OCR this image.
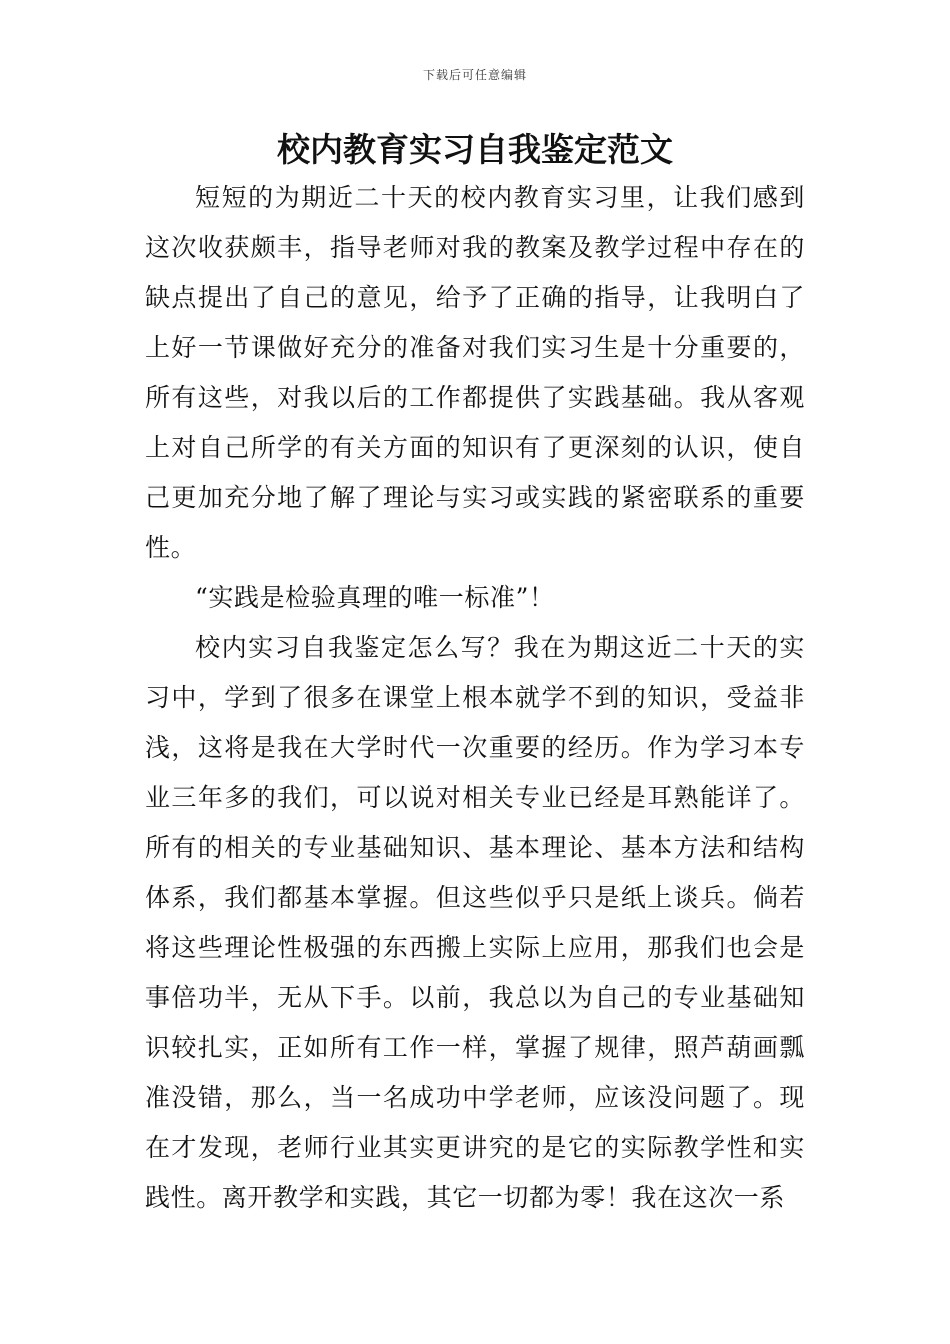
下载后可任意编辑
校内教育实习自我鉴定范文

短短的为期近二十天的校内教育实习里，让我们感到这次收获颇丰，指导老师对我的教案及教学过程中存在的缺点提出了自己的意见，给予了正确的指导，让我明白了上好一节课做好充分的准备对我们实习生是十分重要的，所有这些，对我以后的工作都提供了实践基础。我从客观上对自己所学的有关方面的知识有了更深刻的认识，使自己更加充分地了解了理论与实习或实践的紧密联系的重要性。

“实践是检验真理的唯一标准”！

校内实习自我鉴定怎么写？我在为期这近二十天的实习中，学到了很多在课堂上根本就学不到的知识，受益非浅，这将是我在大学时代一次重要的经历。作为学习本专业三年多的我们，可以说对相关专业已经是耳熟能详了。所有的相关的专业基础知识、基本理论、基本方法和结构体系，我们都基本掌握。但这些似乎只是纸上谈兵。倘若将这些理论性极强的东西搬上实际上应用，那我们也会是事倍功半，无从下手。以前，我总以为自己的专业基础知识较扎实，正如所有工作一样，掌握了规律，照芦葫画瓢准没错，那么，当一名成功中学老师，应该没问题了。现在才发现，老师行业其实更讲究的是它的实际教学性和实践性。离开教学和实践，其它一切都为零！我在这次一系
